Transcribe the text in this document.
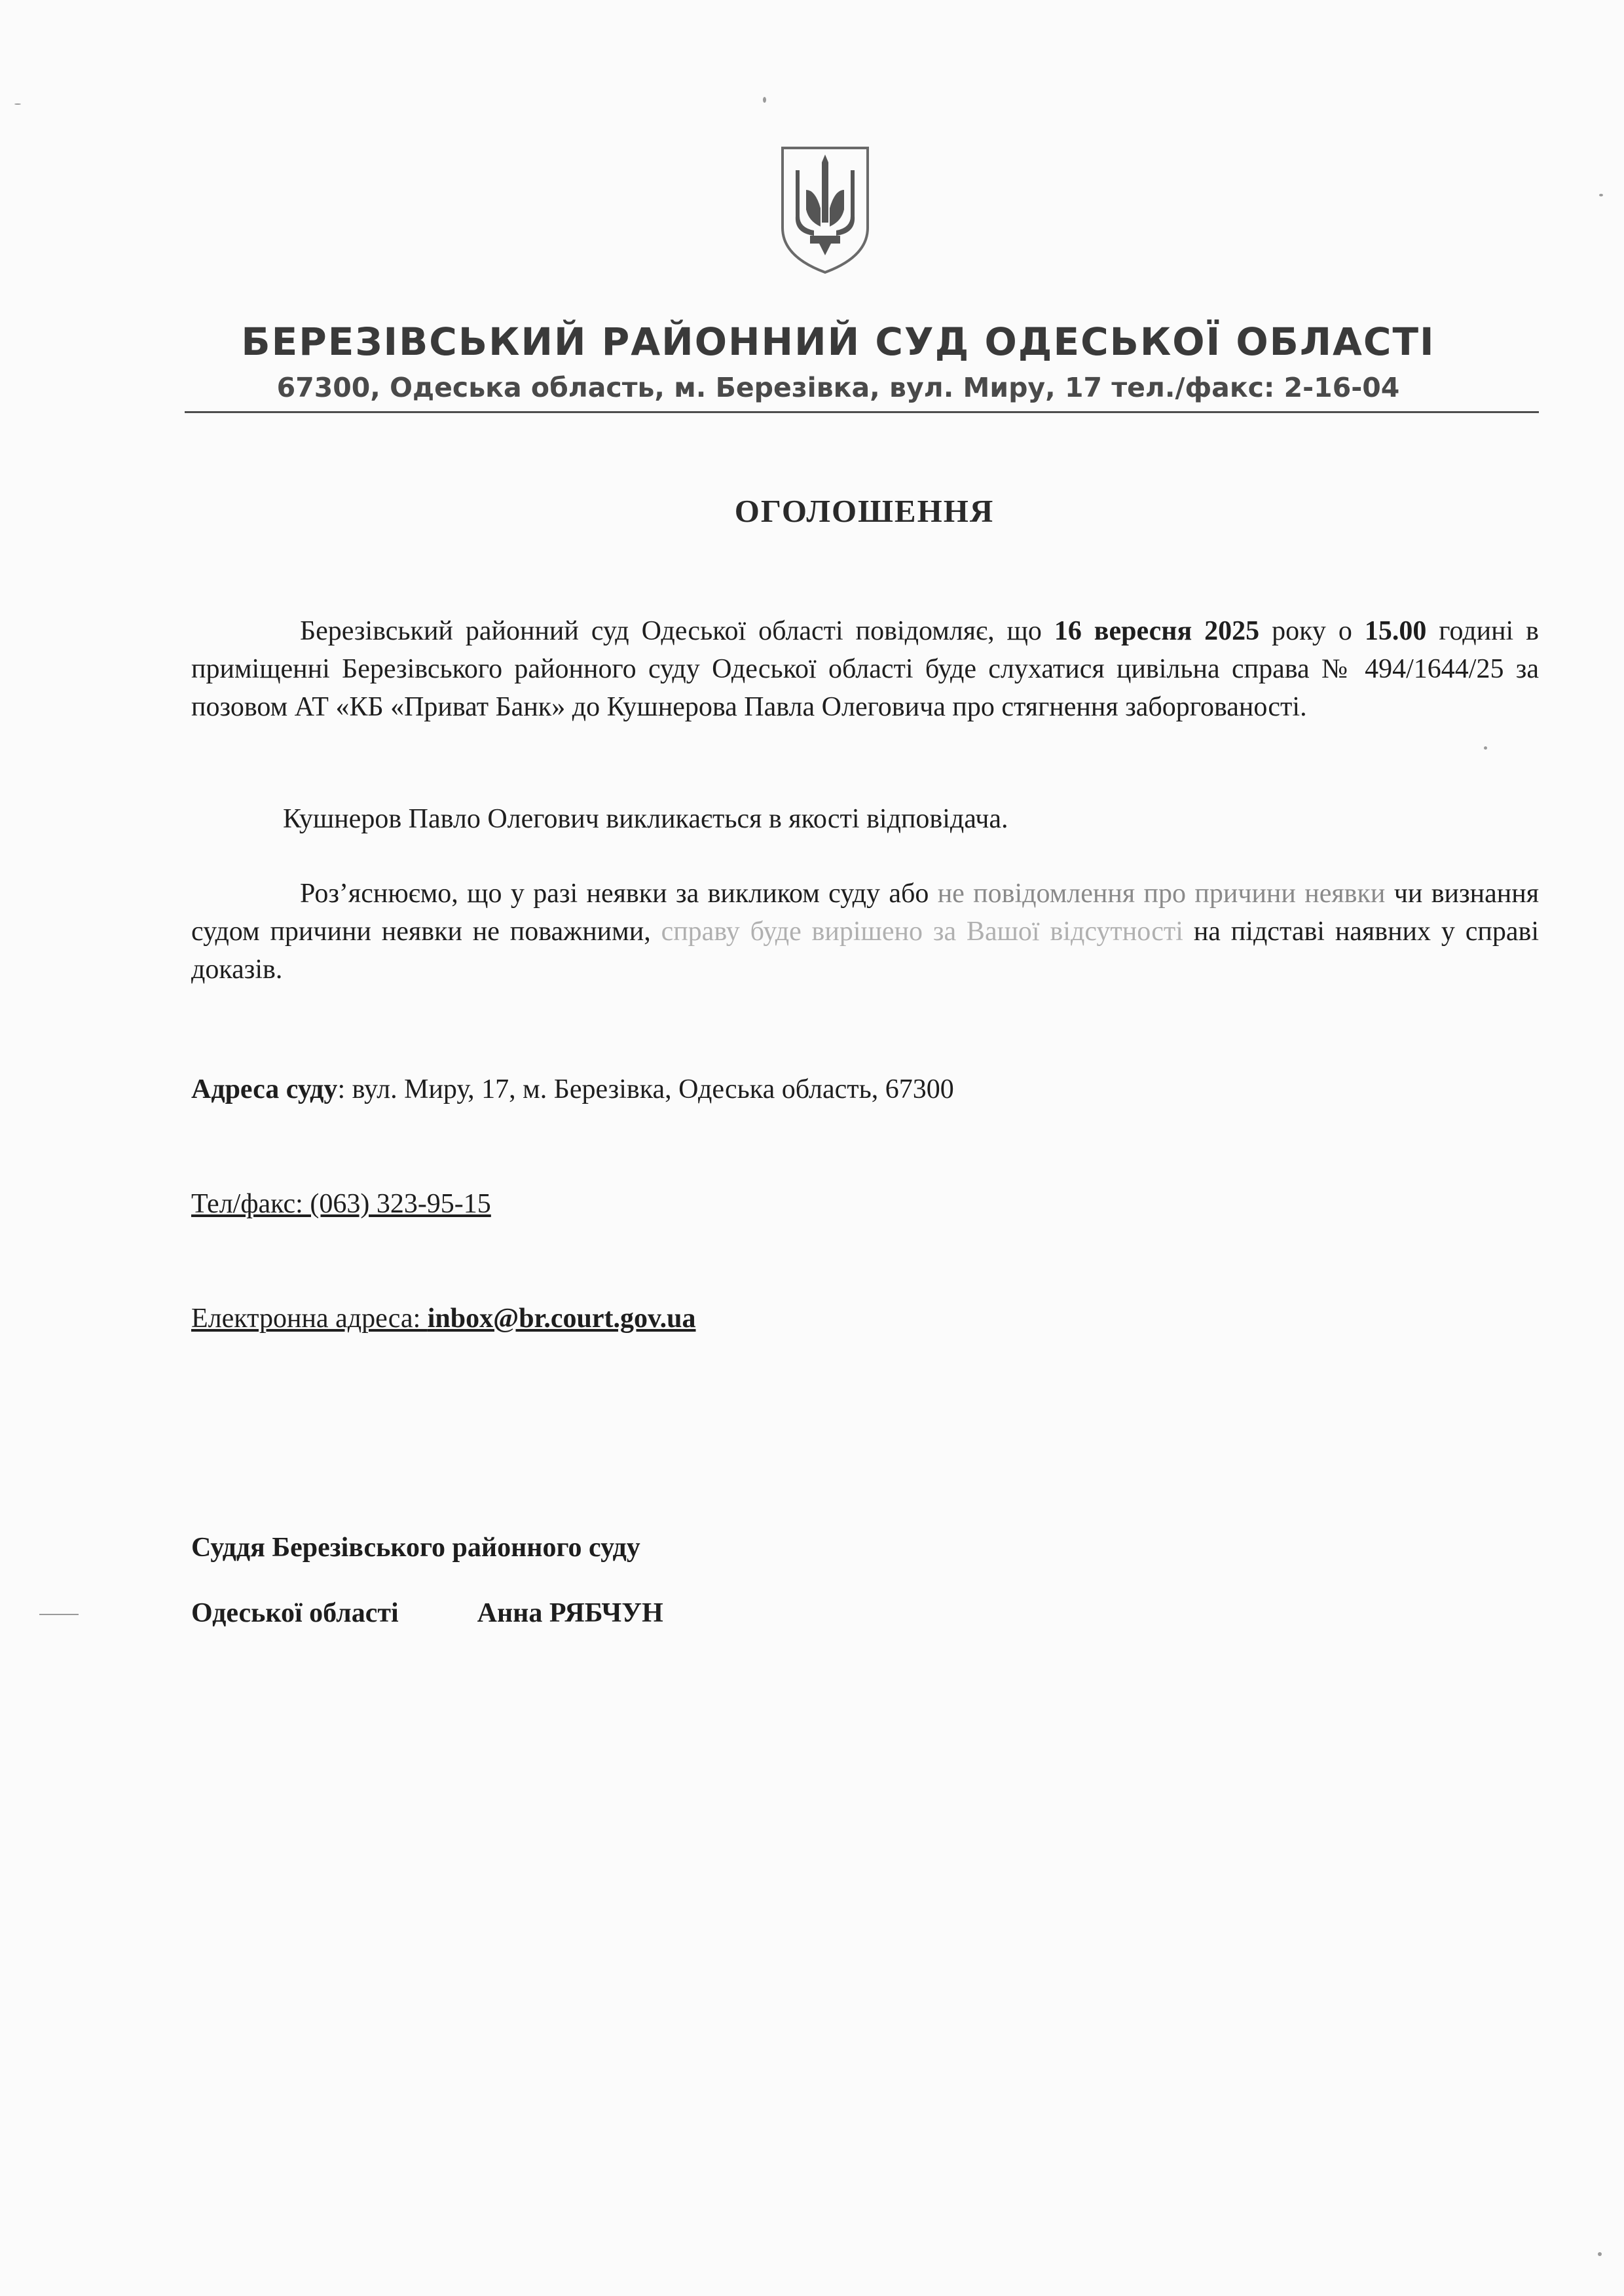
БЕРЕЗІВСЬКИЙ РАЙОННИЙ СУД ОДЕСЬКОЇ ОБЛАСТІ
67300, Одеська область, м. Березівка, вул. Миру, 17 тел./факс: 2-16-04
ОГОЛОШЕННЯ
Березівський районний суд Одеської області повідомляє, що 16 вересня 2025 року о 15.00 годині в приміщенні Березівського районного суду Одеської області буде слухатися цивільна справа № 494/1644/25 за позовом АТ «КБ «Приват Банк» до Кушнерова Павла Олеговича про стягнення заборгованості.
Кушнеров Павло Олегович викликається в якості відповідача.
Роз’яснюємо, що у разі неявки за викликом суду або не повідомлення про причини неявки чи визнання судом причини неявки не поважними, справу буде вирішено за Вашої відсутності на підставі наявних у справі доказів.
Адреса суду: вул. Миру, 17, м. Березівка, Одеська область, 67300
Тел/факс: (063) 323-95-15
Електронна адреса: inbox@br.court.gov.ua
Суддя Березівського районного суду
Одеської області	Анна РЯБЧУН
